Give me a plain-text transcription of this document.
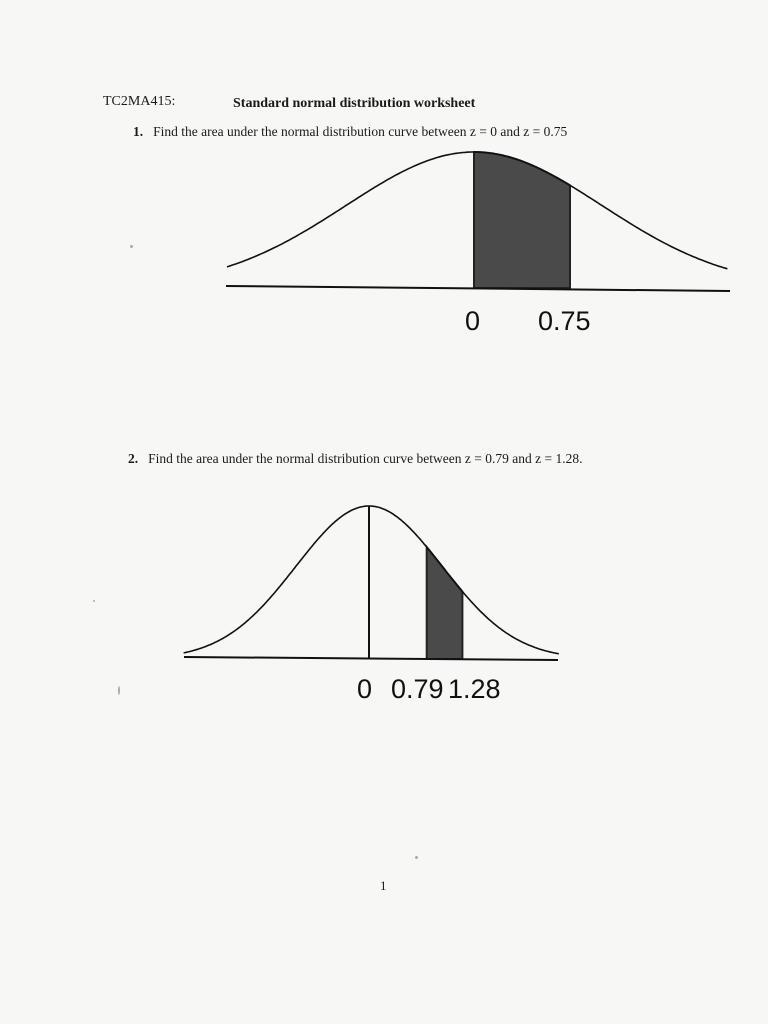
TC2MA415:	Standard normal distribution worksheet
1. Find the area under the normal distribution curve between z = 0 and z = 0.75
0 0.75
0 0.79 1.28
2. Find the area under the normal distribution curve between z = 0.79 and z = 1.28.
1
